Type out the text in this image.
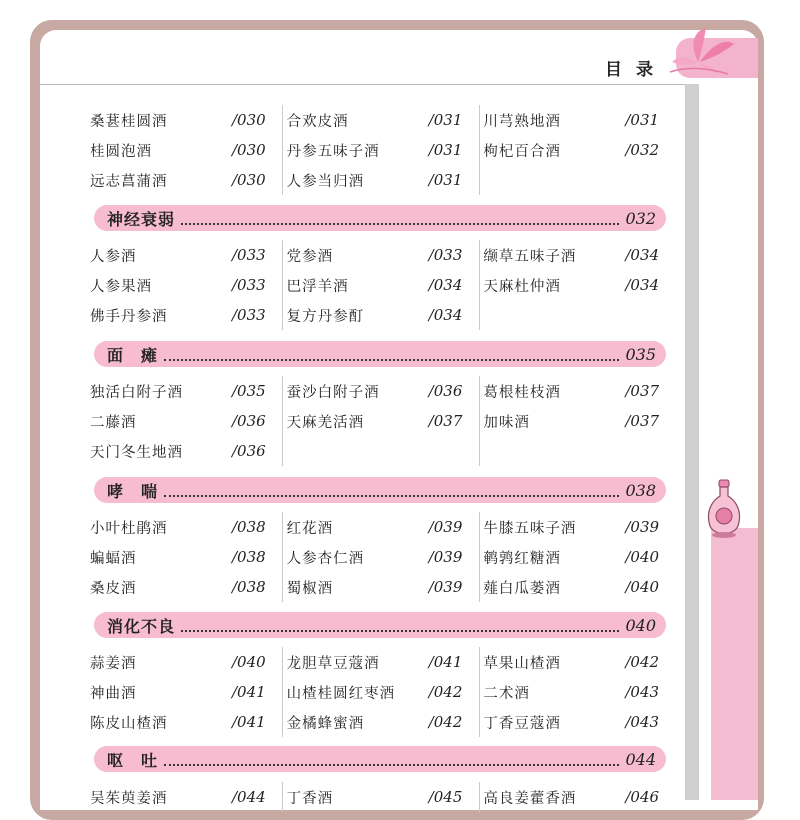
目录
桑葚桂圆酒	/030 合欢皮酒	/031 川芎熟地酒	/031
桂圆泡酒	/030 丹参五味子酒	/031 枸杞百合酒	/032
远志菖蒲酒	/030 人参当归酒	/031
神经衰弱	032
人参酒	/033 党参酒	/033 缬草五味子酒	/034
人参果酒	/033 巴浮羊酒	/034 天麻杜仲酒	/034
佛手丹参酒	/033 复方丹参酊	/034
面　瘫	035
独活白附子酒	/035 蚕沙白附子酒	/036 葛根桂枝酒	/037
二藤酒	/036 天麻羌活酒	/037 加味酒	/037
天门冬生地酒	/036
哮　喘	038
小叶杜鹃酒	/038 红花酒	/039 牛膝五味子酒	/039
蝙蝠酒	/038 人参杏仁酒	/039 鹌鹑红糖酒	/040
桑皮酒	/038 蜀椒酒	/039 薤白瓜蒌酒	/040
消化不良	040
蒜姜酒	/040 龙胆草豆蔻酒	/041 草果山楂酒	/042
神曲酒	/041 山楂桂圆红枣酒 /042 二术酒	/043
陈皮山楂酒	/041 金橘蜂蜜酒	/042 丁香豆蔻酒	/043
呕　吐	044
吴茱萸姜酒	/044 丁香酒	/045 高良姜藿香酒	/046
